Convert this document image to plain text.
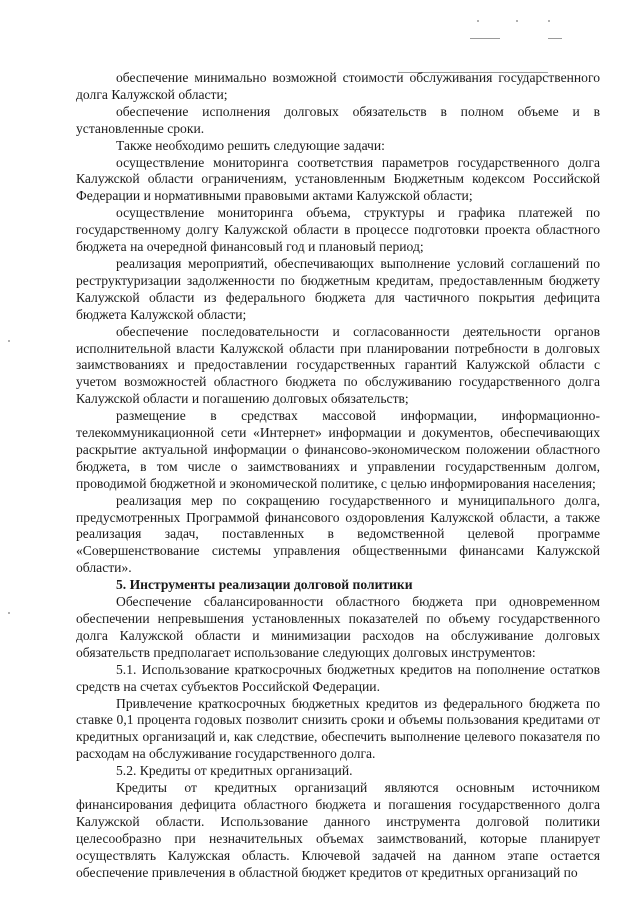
обеспечение минимально возможной стоимости обслуживания государственного долга Калужской области;

обеспечение исполнения долговых обязательств в полном объеме и в установленные сроки.

Также необходимо решить следующие задачи:

осуществление мониторинга соответствия параметров государственного долга Калужской области ограничениям, установленным Бюджетным кодексом Российской Федерации и нормативными правовыми актами Калужской области;

осуществление мониторинга объема, структуры и графика платежей по государственному долгу Калужской области в процессе подготовки проекта областного бюджета на очередной финансовый год и плановый период;

реализация мероприятий, обеспечивающих выполнение условий соглашений по реструктуризации задолженности по бюджетным кредитам, предоставленным бюджету Калужской области из федерального бюджета для частичного покрытия дефицита бюджета Калужской области;

обеспечение последовательности и согласованности деятельности органов исполнительной власти Калужской области при планировании потребности в долговых заимствованиях и предоставлении государственных гарантий Калужской области с учетом возможностей областного бюджета по обслуживанию государственного долга Калужской области и погашению долговых обязательств;

размещение в средствах массовой информации, информационно-телекоммуникационной сети «Интернет» информации и документов, обеспечивающих раскрытие актуальной информации о финансово-экономическом положении областного бюджета, в том числе о заимствованиях и управлении государственным долгом, проводимой бюджетной и экономической политике, с целью информирования населения;

реализация мер по сокращению государственного и муниципального долга, предусмотренных Программой финансового оздоровления Калужской области, а также реализация задач, поставленных в ведомственной целевой программе «Совершенствование системы управления общественными финансами Калужской области».

5. Инструменты реализации долговой политики

Обеспечение сбалансированности областного бюджета при одновременном обеспечении непревышения установленных показателей по объему государственного долга Калужской области и минимизации расходов на обслуживание долговых обязательств предполагает использование следующих долговых инструментов:

5.1. Использование краткосрочных бюджетных кредитов на пополнение остатков средств на счетах субъектов Российской Федерации.

Привлечение краткосрочных бюджетных кредитов из федерального бюджета по ставке 0,1 процента годовых позволит снизить сроки и объемы пользования кредитами от кредитных организаций и, как следствие, обеспечить выполнение целевого показателя по расходам на обслуживание государственного долга.

5.2. Кредиты от кредитных организаций.

Кредиты от кредитных организаций являются основным источником финансирования дефицита областного бюджета и погашения государственного долга Калужской области. Использование данного инструмента долговой политики целесообразно при незначительных объемах заимствований, которые планирует осуществлять Калужская область. Ключевой задачей на данном этапе остается обеспечение привлечения в областной бюджет кредитов от кредитных организаций по
